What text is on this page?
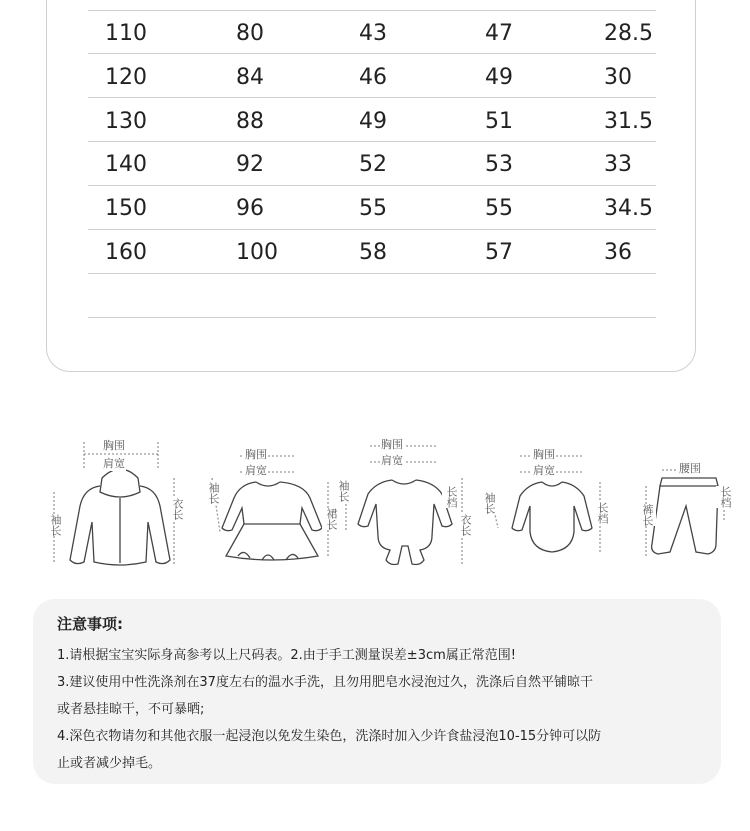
110	80	43	47	28.5
120	84	46	49	30
130	88	49	51	31.5
140	92	52	53	33
150	96	55	55	34.5
160	100	58	57	36
胸围
肩宽
袖长
衣长
胸围
肩宽
袖长
裙长
胸围
肩宽
袖长	长档
衣长
胸围
肩宽
袖长	长档
腰围
裤长
长档
注意事项:
1.请根据宝宝实际身高参考以上尺码表。2.由于手工测量误差±3cm属正常范围!
3.建议使用中性洗涤剂在37度左右的温水手洗，且勿用肥皂水浸泡过久，洗涤后自然平铺晾干
或者悬挂晾干，不可暴晒;
4.深色衣物请勿和其他衣服一起浸泡以免发生染色，洗涤时加入少许食盐浸泡10-15分钟可以防
止或者减少掉毛。
